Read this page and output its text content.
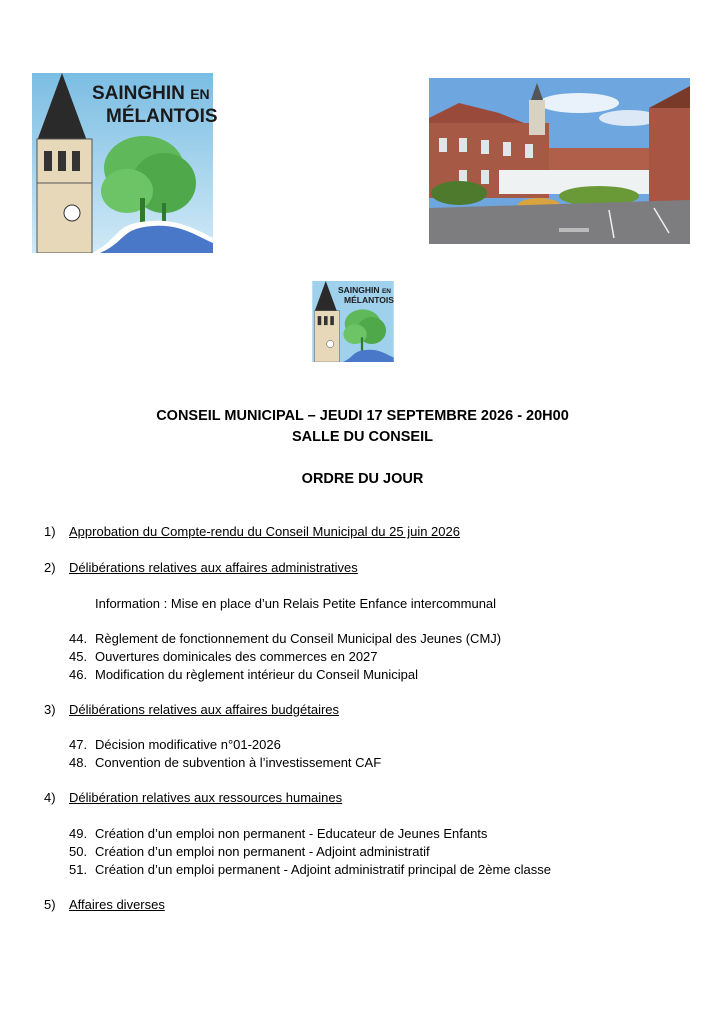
SAINGHIN EN
MÉLANTOIS
SAINGHIN EN
MÉLANTOIS
CONSEIL MUNICIPAL – JEUDI 17 SEPTEMBRE 2026 - 20H00
SALLE DU CONSEIL
ORDRE DU JOUR
1) Approbation du Compte-rendu du Conseil Municipal du 25 juin 2026
2) Délibérations relatives aux affaires administratives
Information : Mise en place d’un Relais Petite Enfance intercommunal
44. Règlement de fonctionnement du Conseil Municipal des Jeunes (CMJ)
45. Ouvertures dominicales des commerces en 2027
46. Modification du règlement intérieur du Conseil Municipal
3) Délibérations relatives aux affaires budgétaires
47. Décision modificative n°01-2026
48. Convention de subvention à l’investissement CAF
4) Délibération relatives aux ressources humaines
49. Création d’un emploi non permanent - Educateur de Jeunes Enfants
50. Création d’un emploi non permanent - Adjoint administratif
51. Création d’un emploi permanent - Adjoint administratif principal de 2ème classe
5) Affaires diverses
